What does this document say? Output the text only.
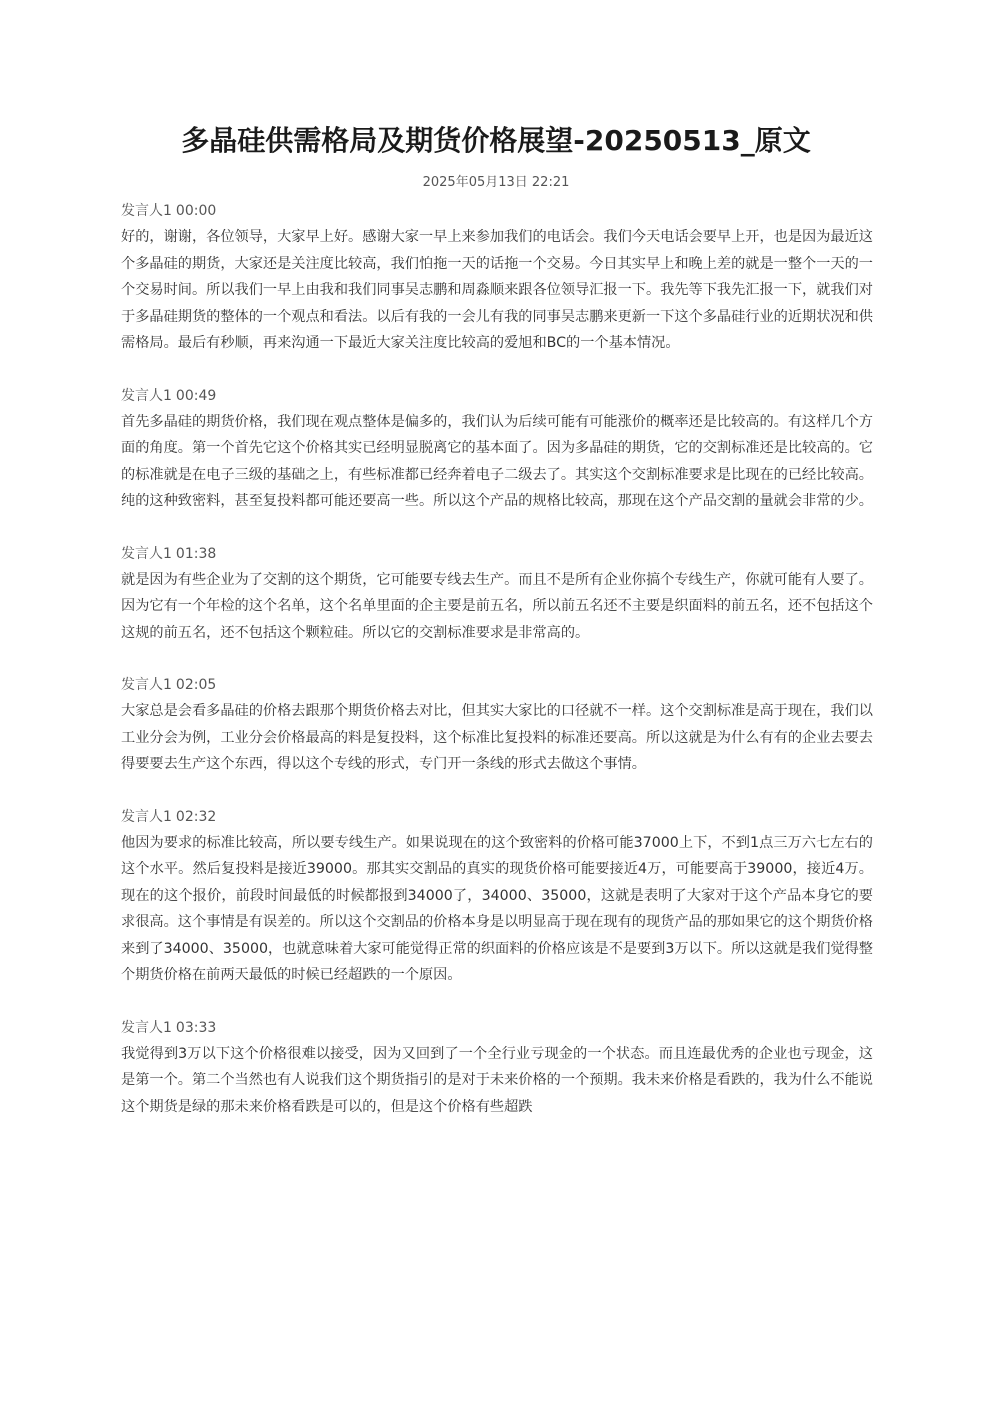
多晶硅供需格局及期货价格展望-20250513_原文
2025年05月13日 22:21
发言人1 00:00

好的，谢谢，各位领导，大家早上好。感谢大家一早上来参加我们的电话会。我们今天电话会要早上开，也是因为最近这个多晶硅的期货，大家还是关注度比较高，我们怕拖一天的话拖一个交易。今日其实早上和晚上差的就是一整个一天的一个交易时间。所以我们一早上由我和我们同事吴志鹏和周淼顺来跟各位领导汇报一下。我先等下我先汇报一下，就我们对于多晶硅期货的整体的一个观点和看法。以后有我的一会儿有我的同事吴志鹏来更新一下这个多晶硅行业的近期状况和供需格局。最后有秒顺，再来沟通一下最近大家关注度比较高的爱旭和BC的一个基本情况。

发言人1 00:49

首先多晶硅的期货价格，我们现在观点整体是偏多的，我们认为后续可能有可能涨价的概率还是比较高的。有这样几个方面的角度。第一个首先它这个价格其实已经明显脱离它的基本面了。因为多晶硅的期货，它的交割标准还是比较高的。它的标准就是在电子三级的基础之上，有些标准都已经奔着电子二级去了。其实这个交割标准要求是比现在的已经比较高。纯的这种致密料，甚至复投料都可能还要高一些。所以这个产品的规格比较高，那现在这个产品交割的量就会非常的少。

发言人1 01:38

就是因为有些企业为了交割的这个期货，它可能要专线去生产。而且不是所有企业你搞个专线生产，你就可能有人要了。因为它有一个年检的这个名单，这个名单里面的企主要是前五名，所以前五名还不主要是织面料的前五名，还不包括这个这规的前五名，还不包括这个颗粒硅。所以它的交割标准要求是非常高的。

发言人1 02:05

大家总是会看多晶硅的价格去跟那个期货价格去对比，但其实大家比的口径就不一样。这个交割标准是高于现在，我们以工业分会为例，工业分会价格最高的料是复投料，这个标准比复投料的标准还要高。所以这就是为什么有有的企业去要去得要要去生产这个东西，得以这个专线的形式，专门开一条线的形式去做这个事情。

发言人1 02:32

他因为要求的标准比较高，所以要专线生产。如果说现在的这个致密料的价格可能37000上下，不到1点三万六七左右的这个水平。然后复投料是接近39000。那其实交割品的真实的现货价格可能要接近4万，可能要高于39000，接近4万。现在的这个报价，前段时间最低的时候都报到34000了，34000、35000，这就是表明了大家对于这个产品本身它的要求很高。这个事情是有误差的。所以这个交割品的价格本身是以明显高于现在现有的现货产品的那如果它的这个期货价格来到了34000、35000，也就意味着大家可能觉得正常的织面料的价格应该是不是要到3万以下。所以这就是我们觉得整个期货价格在前两天最低的时候已经超跌的一个原因。

发言人1 03:33

我觉得到3万以下这个价格很难以接受，因为又回到了一个全行业亏现金的一个状态。而且连最优秀的企业也亏现金，这是第一个。第二个当然也有人说我们这个期货指引的是对于未来价格的一个预期。我未来价格是看跌的，我为什么不能说这个期货是绿的那未来价格看跌是可以的，但是这个价格有些超跌
